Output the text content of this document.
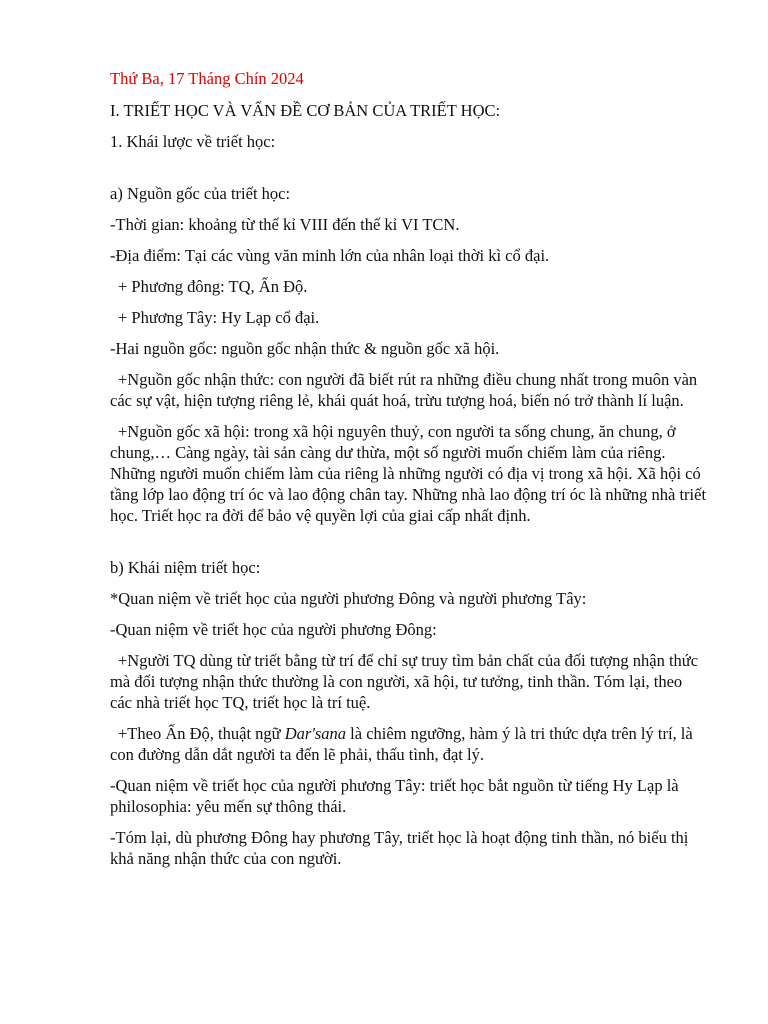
Thứ Ba, 17 Tháng Chín 2024

I. TRIẾT HỌC VÀ VẤN ĐỀ CƠ BẢN CỦA TRIẾT HỌC:

1. Khái lược về triết học:

a) Nguồn gốc của triết học:

-Thời gian: khoảng từ thế kỉ VIII đến thế kỉ VI TCN.

-Địa điểm: Tại các vùng văn minh lớn của nhân loại thời kì cổ đại.

+ Phương đông: TQ, Ấn Độ.

+ Phương Tây: Hy Lạp cổ đại.

-Hai nguồn gốc: nguồn gốc nhận thức & nguồn gốc xã hội.

+Nguồn gốc nhận thức: con người đã biết rút ra những điều chung nhất trong muôn vàn các sự vật, hiện tượng riêng lẻ, khái quát hoá, trừu tượng hoá, biến nó trở thành lí luận.

+Nguồn gốc xã hội: trong xã hội nguyên thuỷ, con người ta sống chung, ăn chung, ở chung,… Càng ngày, tài sản càng dư thừa, một số người muốn chiếm làm của riêng. Những người muốn chiếm làm của riêng là những người có địa vị trong xã hội. Xã hội có tầng lớp lao động trí óc và lao động chân tay. Những nhà lao động trí óc là những nhà triết học. Triết học ra đời để bảo vệ quyền lợi của giai cấp nhất định.

b) Khái niệm triết học:

*Quan niệm về triết học của người phương Đông và người phương Tây:

-Quan niệm về triết học của người phương Đông:

+Người TQ dùng từ triết bằng từ trí để chỉ sự truy tìm bản chất của đối tượng nhận thức mà đối tượng nhận thức thường là con người, xã hội, tư tưởng, tinh thần. Tóm lại, theo các nhà triết học TQ, triết học là trí tuệ.

+Theo Ấn Độ, thuật ngữ Dar'sana là chiêm ngưỡng, hàm ý là tri thức dựa trên lý trí, là con đường dẫn dắt người ta đến lẽ phải, thấu tình, đạt lý.

-Quan niệm về triết học của người phương Tây: triết học bắt nguồn từ tiếng Hy Lạp là philosophia: yêu mến sự thông thái.

-Tóm lại, dù phương Đông hay phương Tây, triết học là hoạt động tinh thần, nó biểu thị khả năng nhận thức của con người.
